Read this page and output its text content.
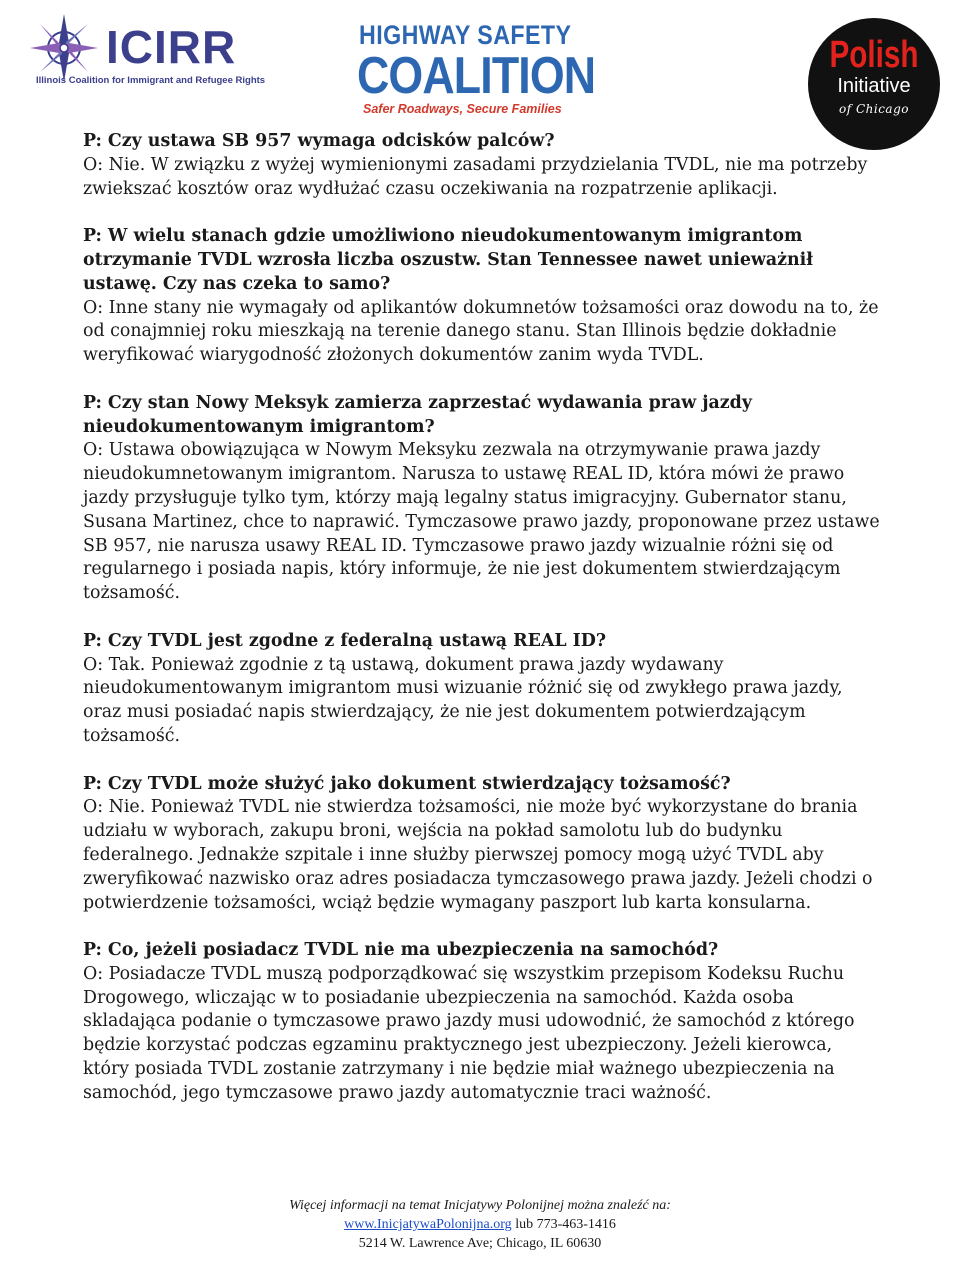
ICIRR
Illinois Coalition for Immigrant and Refugee Rights
HIGHWAY SAFETY
COALITION
Safer Roadways, Secure Families
Polish
Initiative
of Chicago
P: Czy ustawa SB 957 wymaga odcisków palców?
O: Nie. W związku z wyżej wymienionymi zasadami przydzielania TVDL, nie ma potrzeby zwiekszać kosztów oraz wydłużać czasu oczekiwania na rozpatrzenie aplikacji.
P: W wielu stanach gdzie umożliwiono nieudokumentowanym imigrantom otrzymanie TVDL wzrosła liczba oszustw. Stan Tennessee nawet unieważnił ustawę. Czy nas czeka to samo?
O: Inne stany nie wymagały od aplikantów dokumnetów tożsamości oraz dowodu na to, że od conajmniej roku mieszkają na terenie danego stanu. Stan Illinois będzie dokładnie weryfikować wiarygodność złożonych dokumentów zanim wyda TVDL.
P: Czy stan Nowy Meksyk zamierza zaprzestać wydawania praw jazdy nieudokumentowanym imigrantom?
O: Ustawa obowiązująca w Nowym Meksyku zezwala na otrzymywanie prawa jazdy nieudokumnetowanym imigrantom. Narusza to ustawę REAL ID, która mówi że prawo jazdy przysługuje tylko tym, którzy mają legalny status imigracyjny. Gubernator stanu, Susana Martinez, chce to naprawić. Tymczasowe prawo jazdy, proponowane przez ustawe SB 957, nie narusza usawy REAL ID. Tymczasowe prawo jazdy wizualnie różni się od regularnego i posiada napis, który informuje, że nie jest dokumentem stwierdzającym tożsamość.
P: Czy TVDL jest zgodne z federalną ustawą REAL ID?
O: Tak. Ponieważ zgodnie z tą ustawą, dokument prawa jazdy wydawany nieudokumentowanym imigrantom musi wizuanie różnić się od zwykłego prawa jazdy, oraz musi posiadać napis stwierdzający, że nie jest dokumentem potwierdzającym tożsamość.
P: Czy TVDL może służyć jako dokument stwierdzający tożsamość?
O: Nie. Ponieważ TVDL nie stwierdza tożsamości, nie może być wykorzystane do brania udziału w wyborach, zakupu broni, wejścia na pokład samolotu lub do budynku federalnego. Jednakże szpitale i inne służby pierwszej pomocy mogą użyć TVDL aby zweryfikować nazwisko oraz adres posiadacza tymczasowego prawa jazdy. Jeżeli chodzi o potwierdzenie tożsamości, wciąż będzie wymagany paszport lub karta konsularna.
P: Co, jeżeli posiadacz TVDL nie ma ubezpieczenia na samochód?
O: Posiadacze TVDL muszą podporządkować się wszystkim przepisom Kodeksu Ruchu Drogowego, wliczając w to posiadanie ubezpieczenia na samochód. Każda osoba skladająca podanie o tymczasowe prawo jazdy musi udowodnić, że samochód z którego będzie korzystać podczas egzaminu praktycznego jest ubezpieczony. Jeżeli kierowca, który posiada TVDL zostanie zatrzymany i nie będzie miał ważnego ubezpieczenia na samochód, jego tymczasowe prawo jazdy automatycznie traci ważność.
Więcej informacji na temat Inicjatywy Polonijnej można znaleźć na:
www.InicjatywaPolonijna.org lub 773-463-1416
5214 W. Lawrence Ave; Chicago, IL 60630
